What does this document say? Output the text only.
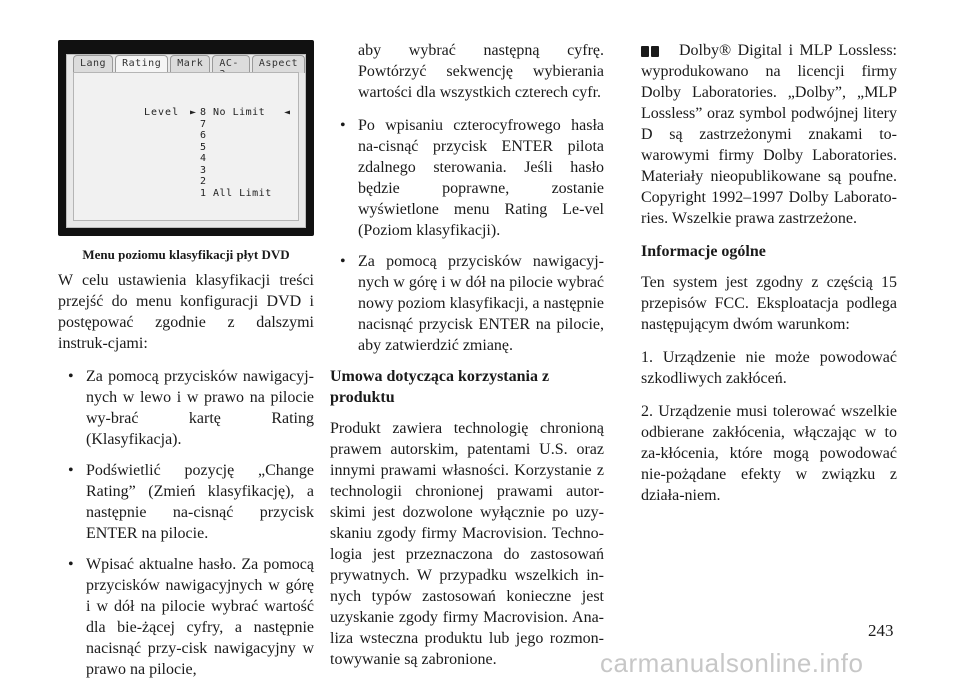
Lang	Rating	Mark	AC-	Aspect
Level ► 8 No Limit
7
6
5
4
3
2
1 All Limit
◄
Menu poziomu klasyfikacji płyt DVD

W celu ustawienia klasyfikacji treści przejść do menu konfiguracji DVD i postępować zgodnie z dalszymi instruk-cjami:

• Za pomocą przycisków nawigacyj-nych w lewo i w prawo na pilocie wy-brać kartę Rating (Klasyfikacja).

• Podświetlić pozycję „Change Rating” (Zmień klasyfikację), a następnie na-cisnąć przycisk ENTER na pilocie.

• Wpisać aktualne hasło. Za pomocą przycisków nawigacyjnych w górę i w dół na pilocie wybrać wartość dla bie-żącej cyfry, a następnie nacisnąć przy-cisk nawigacyjny w prawo na pilocie,

aby wybrać następną cyfrę. Powtórzyć sekwencję wybierania wartości dla wszystkich czterech cyfr.

• Po wpisaniu czterocyfrowego hasła na-cisnąć przycisk ENTER pilota zdalnego sterowania. Jeśli hasło będzie poprawne, zostanie wyświetlone menu Rating Le-vel (Poziom klasyfikacji).

• Za pomocą przycisków nawigacyj-nych w górę i w dół na pilocie wybrać nowy poziom klasyfikacji, a następnie nacisnąć przycisk ENTER na pilocie, aby zatwierdzić zmianę.

Umowa dotycząca korzystania z produktu

Produkt zawiera technologię chronioną prawem autorskim, patentami U.S. oraz innymi prawami własności. Korzystanie z technologii chronionej prawami autor-skimi jest dozwolone wyłącznie po uzy-skaniu zgody firmy Macrovision. Techno-logia jest przeznaczona do zastosowań prywatnych. W przypadku wszelkich in-nych typów zastosowań konieczne jest uzyskanie zgody firmy Macrovision. Ana-liza wsteczna produktu lub jego rozmon-towywanie są zabronione.

Dolby® Digital i MLP Lossless: wyprodukowano na licencji firmy Dolby Laboratories. „Dolby”, „MLP Lossless” oraz symbol podwójnej litery D są zastrzeżonymi znakami to-warowymi firmy Dolby Laboratories. Materiały nieopublikowane są poufne. Copyright 1992–1997 Dolby Laborato-ries. Wszelkie prawa zastrzeżone.

Informacje ogólne

Ten system jest zgodny z częścią 15 przepisów FCC. Eksploatacja podlega następującym dwóm warunkom:

1. Urządzenie nie może powodować szkodliwych zakłóceń.

2. Urządzenie musi tolerować wszelkie odbierane zakłócenia, włączając w to za-kłócenia, które mogą powodować nie-pożądane efekty w związku z działa-niem.

243
carmanualsonline.info
